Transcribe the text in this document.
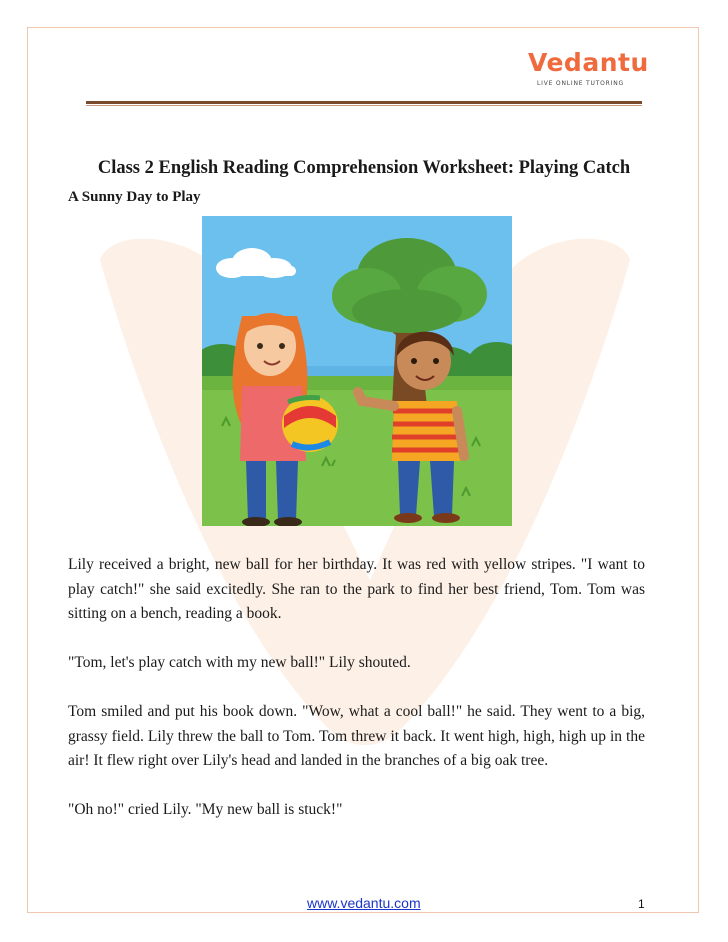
Vedantu
LIVE ONLINE TUTORING
Class 2 English Reading Comprehension Worksheet: Playing Catch
A Sunny Day to Play

Lily received a bright, new ball for her birthday. It was red with yellow stripes. "I want to play catch!" she said excitedly. She ran to the park to find her best friend, Tom. Tom was sitting on a bench, reading a book.

"Tom, let's play catch with my new ball!" Lily shouted.

Tom smiled and put his book down. "Wow, what a cool ball!" he said. They went to a big, grassy field. Lily threw the ball to Tom. Tom threw it back. It went high, high, high up in the air! It flew right over Lily's head and landed in the branches of a big oak tree.

"Oh no!" cried Lily. "My new ball is stuck!"

www.vedantu.com	1
